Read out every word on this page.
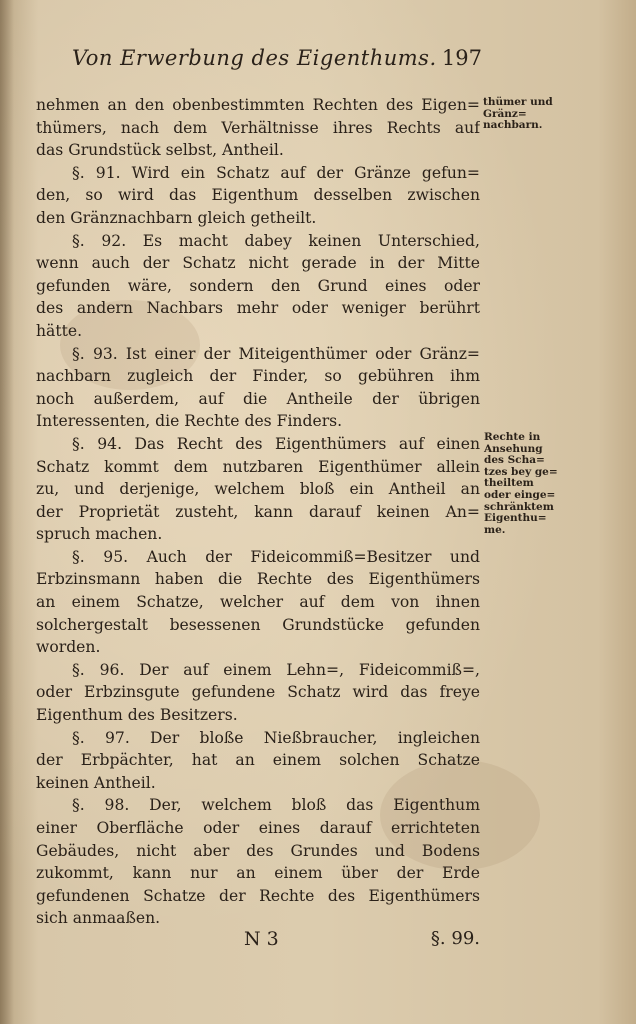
Von Erwerbung des Eigenthums. 197
nehmen an den obenbestimmten Rechten des Eigen=
thümers, nach dem Verhältnisse ihres Rechts auf
das Grundstück selbst, Antheil.
§. 91. Wird ein Schatz auf der Gränze gefun=
den, so wird das Eigenthum desselben zwischen
den Gränznachbarn gleich getheilt.
§. 92. Es macht dabey keinen Unterschied,
wenn auch der Schatz nicht gerade in der Mitte
gefunden wäre, sondern den Grund eines oder
des andern Nachbars mehr oder weniger berührt
hätte.
§. 93. Ist einer der Miteigenthümer oder Gränz=
nachbarn zugleich der Finder, so gebühren ihm
noch außerdem, auf die Antheile der übrigen
Interessenten, die Rechte des Finders.
§. 94. Das Recht des Eigenthümers auf einen
Schatz kommt dem nutzbaren Eigenthümer allein
zu, und derjenige, welchem bloß ein Antheil an
der Proprietät zusteht, kann darauf keinen An=
spruch machen.
§. 95. Auch der Fideicommiß=Besitzer und
Erbzinsmann haben die Rechte des Eigenthümers
an einem Schatze, welcher auf dem von ihnen
solchergestalt besessenen Grundstücke gefunden
worden.
§. 96. Der auf einem Lehn=, Fideicommiß=,
oder Erbzinsgute gefundene Schatz wird das freye
Eigenthum des Besitzers.
§. 97. Der bloße Nießbraucher, ingleichen
der Erbpächter, hat an einem solchen Schatze
keinen Antheil.
§. 98. Der, welchem bloß das Eigenthum
einer Oberfläche oder eines darauf errichteten
Gebäudes, nicht aber des Grundes und Bodens
zukommt, kann nur an einem über der Erde
gefundenen Schatze der Rechte des Eigenthümers
sich anmaaßen.
thümer und
Gränz=
nachbarn.
Rechte in
Ansehung
des Scha=
tzes bey ge=
theiltem
oder einge=
schränktem
Eigenthu=
me.
N 3	§. 99.
